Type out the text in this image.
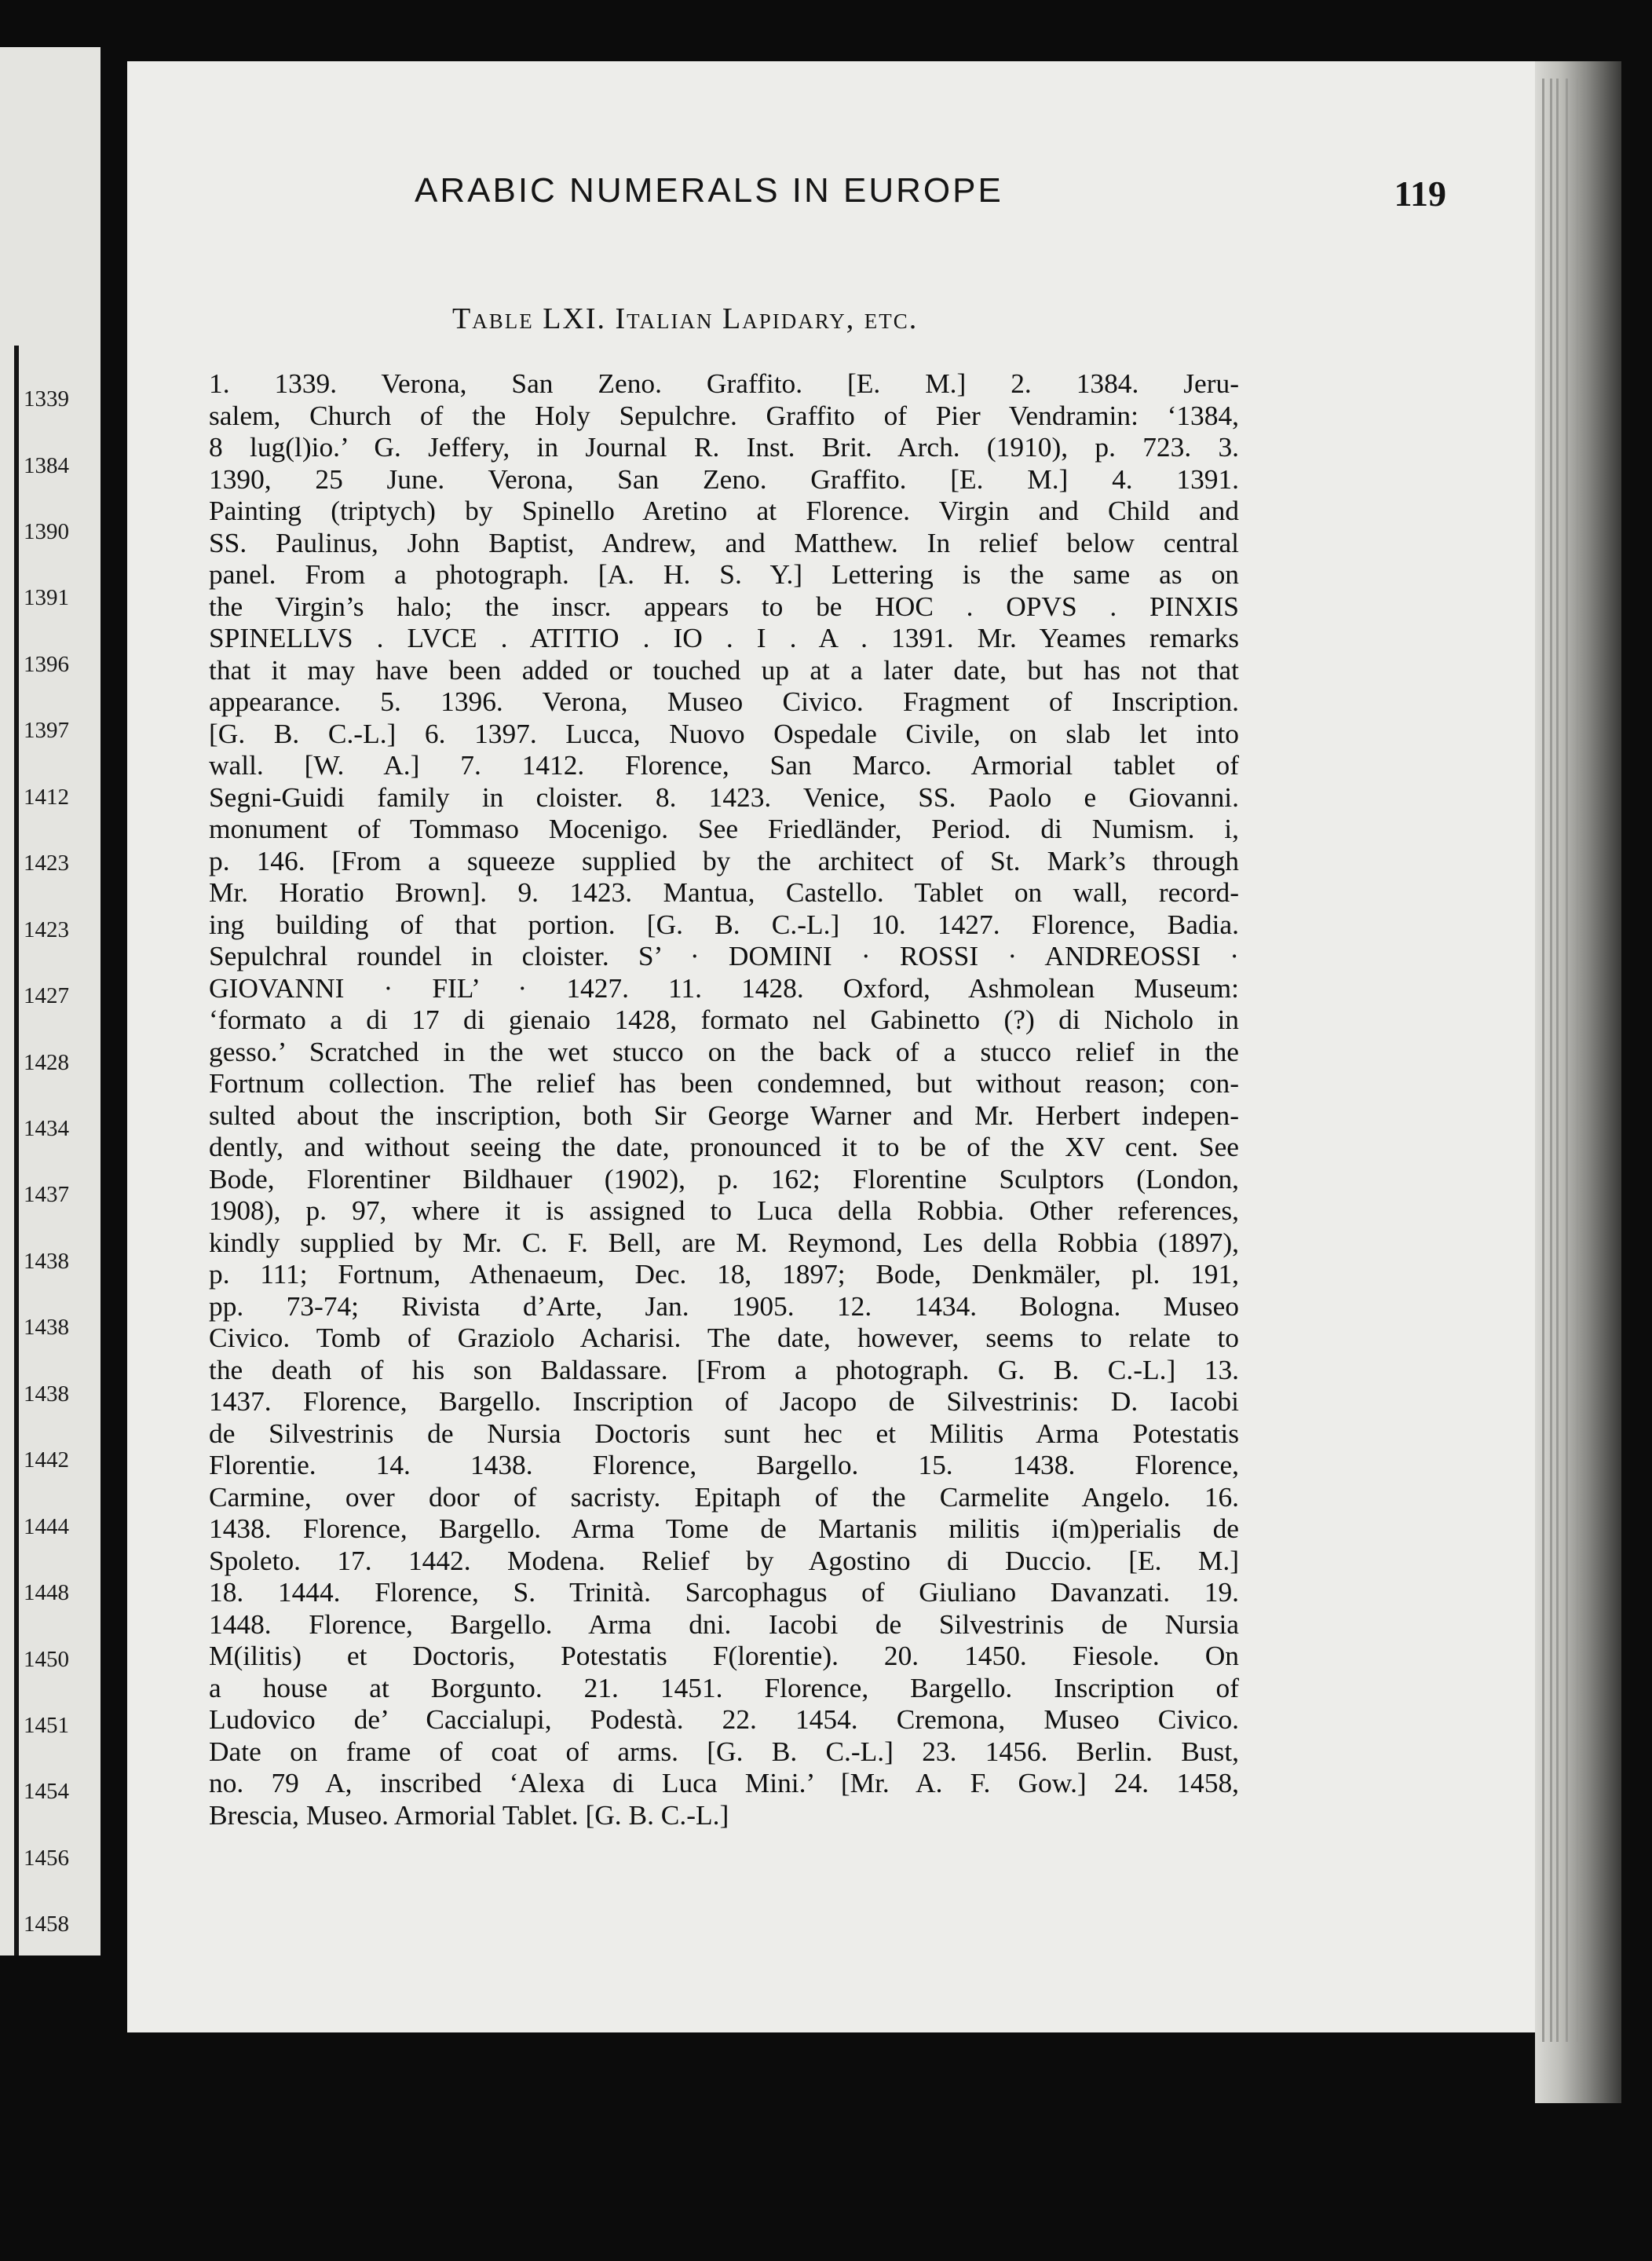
1339
1384
1390
1391
1396
1397
1412
1423
1423
1427
1428
1434
1437
1438
1438
1438
1442
1444
1448
1450
1451
1454
1456
1458
ARABIC NUMERALS IN EUROPE	119
Table LXI. Italian Lapidary, etc.
1. 1339. Verona, San Zeno. Graffito. [E. M.] 2. 1384. Jeru-
salem, Church of the Holy Sepulchre. Graffito of Pier Vendramin: ‘1384,
8 lug(l)io.’ G. Jeffery, in Journal R. Inst. Brit. Arch. (1910), p. 723. 3.
1390, 25 June. Verona, San Zeno. Graffito. [E. M.] 4. 1391.
Painting (triptych) by Spinello Aretino at Florence. Virgin and Child and
SS. Paulinus, John Baptist, Andrew, and Matthew. In relief below central
panel. From a photograph. [A. H. S. Y.] Lettering is the same as on
the Virgin’s halo; the inscr. appears to be HOC . OPVS . PINXIS
SPINELLVS . LVCE . ATITIO . IO . I . A . 1391. Mr. Yeames remarks
that it may have been added or touched up at a later date, but has not that
appearance. 5. 1396. Verona, Museo Civico. Fragment of Inscription.
[G. B. C.-L.] 6. 1397. Lucca, Nuovo Ospedale Civile, on slab let into
wall. [W. A.] 7. 1412. Florence, San Marco. Armorial tablet of
Segni-Guidi family in cloister. 8. 1423. Venice, SS. Paolo e Giovanni.
monument of Tommaso Mocenigo. See Friedländer, Period. di Numism. i,
p. 146. [From a squeeze supplied by the architect of St. Mark’s through
Mr. Horatio Brown]. 9. 1423. Mantua, Castello. Tablet on wall, record-
ing building of that portion. [G. B. C.-L.] 10. 1427. Florence, Badia.
Sepulchral roundel in cloister. S’ · DOMINI · ROSSI · ANDREOSSI ·
GIOVANNI · FIL’ · 1427. 11. 1428. Oxford, Ashmolean Museum:
‘formato a di 17 di gienaio 1428, formato nel Gabinetto (?) di Nicholo in
gesso.’ Scratched in the wet stucco on the back of a stucco relief in the
Fortnum collection. The relief has been condemned, but without reason; con-
sulted about the inscription, both Sir George Warner and Mr. Herbert indepen-
dently, and without seeing the date, pronounced it to be of the XV cent. See
Bode, Florentiner Bildhauer (1902), p. 162; Florentine Sculptors (London,
1908), p. 97, where it is assigned to Luca della Robbia. Other references,
kindly supplied by Mr. C. F. Bell, are M. Reymond, Les della Robbia (1897),
p. 111; Fortnum, Athenaeum, Dec. 18, 1897; Bode, Denkmäler, pl. 191,
pp. 73-74; Rivista d’Arte, Jan. 1905. 12. 1434. Bologna. Museo
Civico. Tomb of Graziolo Acharisi. The date, however, seems to relate to
the death of his son Baldassare. [From a photograph. G. B. C.-L.] 13.
1437. Florence, Bargello. Inscription of Jacopo de Silvestrinis: D. Iacobi
de Silvestrinis de Nursia Doctoris sunt hec et Militis Arma Potestatis
Florentie. 14. 1438. Florence, Bargello. 15. 1438. Florence,
Carmine, over door of sacristy. Epitaph of the Carmelite Angelo. 16.
1438. Florence, Bargello. Arma Tome de Martanis militis i(m)perialis de
Spoleto. 17. 1442. Modena. Relief by Agostino di Duccio. [E. M.]
18. 1444. Florence, S. Trinità. Sarcophagus of Giuliano Davanzati. 19.
1448. Florence, Bargello. Arma dni. Iacobi de Silvestrinis de Nursia
M(ilitis) et Doctoris, Potestatis F(lorentie). 20. 1450. Fiesole. On
a house at Borgunto. 21. 1451. Florence, Bargello. Inscription of
Ludovico de’ Caccialupi, Podestà. 22. 1454. Cremona, Museo Civico.
Date on frame of coat of arms. [G. B. C.-L.] 23. 1456. Berlin. Bust,
no. 79 A, inscribed ‘Alexa di Luca Mini.’ [Mr. A. F. Gow.] 24. 1458,
Brescia, Museo. Armorial Tablet. [G. B. C.-L.]
